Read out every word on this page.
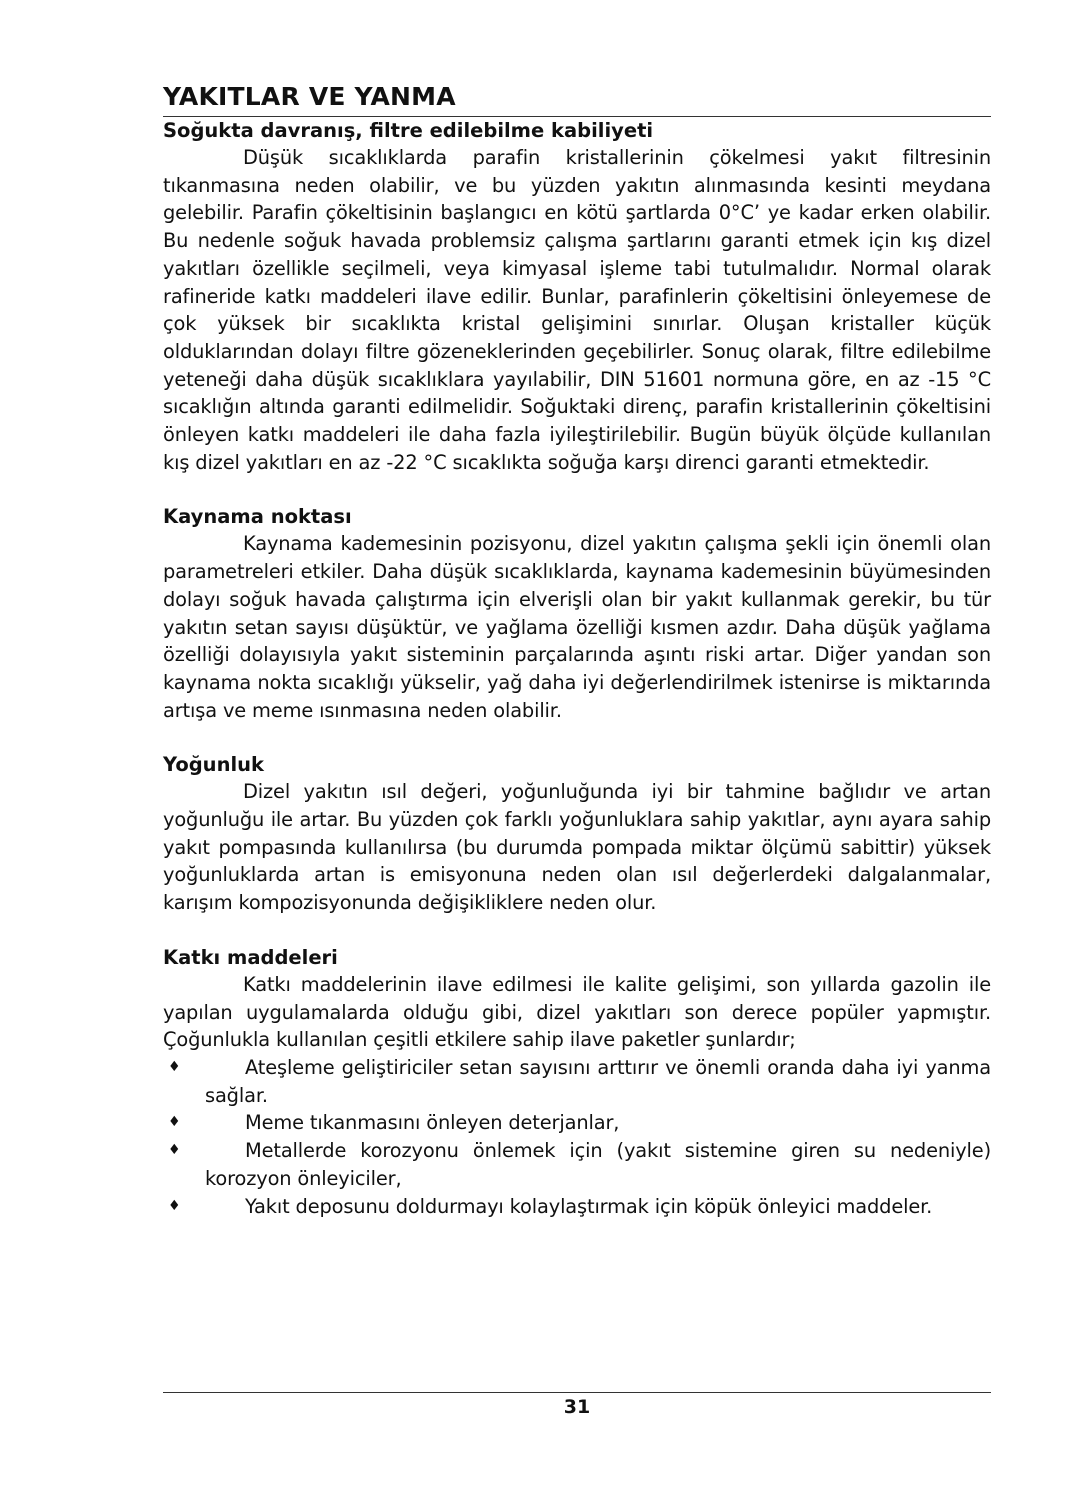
YAKITLAR VE YANMA
Soğukta davranış, filtre edilebilme kabiliyeti

Düşük sıcaklıklarda parafin kristallerinin çökelmesi yakıt filtresinin tıkanmasına neden olabilir, ve bu yüzden yakıtın alınmasında kesinti meydana gelebilir. Parafin çökeltisinin başlangıcı en kötü şartlarda 0°C’ ye kadar erken olabilir. Bu nedenle soğuk havada problemsiz çalışma şartlarını garanti etmek için kış dizel yakıtları özellikle seçilmeli, veya kimyasal işleme tabi tutulmalıdır. Normal olarak rafineride katkı maddeleri ilave edilir. Bunlar, parafinlerin çökeltisini önleyemese de çok yüksek bir sıcaklıkta kristal gelişimini sınırlar. Oluşan kristaller küçük olduklarından dolayı filtre gözeneklerinden geçebilirler. Sonuç olarak, filtre edilebilme yeteneği daha düşük sıcaklıklara yayılabilir, DIN 51601 normuna göre, en az -15 °C sıcaklığın altında garanti edilmelidir. Soğuktaki direnç, parafin kristallerinin çökeltisini önleyen katkı maddeleri ile daha fazla iyileştirilebilir. Bugün büyük ölçüde kullanılan kış dizel yakıtları en az -22 °C sıcaklıkta soğuğa karşı direnci garanti etmektedir.

Kaynama noktası

Kaynama kademesinin pozisyonu, dizel yakıtın çalışma şekli için önemli olan parametreleri etkiler. Daha düşük sıcaklıklarda, kaynama kademesinin büyümesinden dolayı soğuk havada çalıştırma için elverişli olan bir yakıt kullanmak gerekir, bu tür yakıtın setan sayısı düşüktür, ve yağlama özelliği kısmen azdır. Daha düşük yağlama özelliği dolayısıyla yakıt sisteminin parçalarında aşıntı riski artar. Diğer yandan son kaynama nokta sıcaklığı yükselir, yağ daha iyi değerlendirilmek istenirse is miktarında artışa ve meme ısınmasına neden olabilir.

Yoğunluk

Dizel yakıtın ısıl değeri, yoğunluğunda iyi bir tahmine bağlıdır ve artan yoğunluğu ile artar. Bu yüzden çok farklı yoğunluklara sahip yakıtlar, aynı ayara sahip yakıt pompasında kullanılırsa (bu durumda pompada miktar ölçümü sabittir) yüksek yoğunluklarda artan is emisyonuna neden olan ısıl değerlerdeki dalgalanmalar, karışım kompozisyonunda değişikliklere neden olur.

Katkı maddeleri

Katkı maddelerinin ilave edilmesi ile kalite gelişimi, son yıllarda gazolin ile yapılan uygulamalarda olduğu gibi, dizel yakıtları son derece popüler yapmıştır. Çoğunlukla kullanılan çeşitli etkilere sahip ilave paketler şunlardır;

♦	Ateşleme geliştiriciler setan sayısını arttırır ve önemli oranda daha iyi yanma sağlar.
♦	Meme tıkanmasını önleyen deterjanlar,
♦	Metallerde korozyonu önlemek için (yakıt sistemine giren su nedeniyle) korozyon önleyiciler,
♦	Yakıt deposunu doldurmayı kolaylaştırmak için köpük önleyici maddeler.
31
